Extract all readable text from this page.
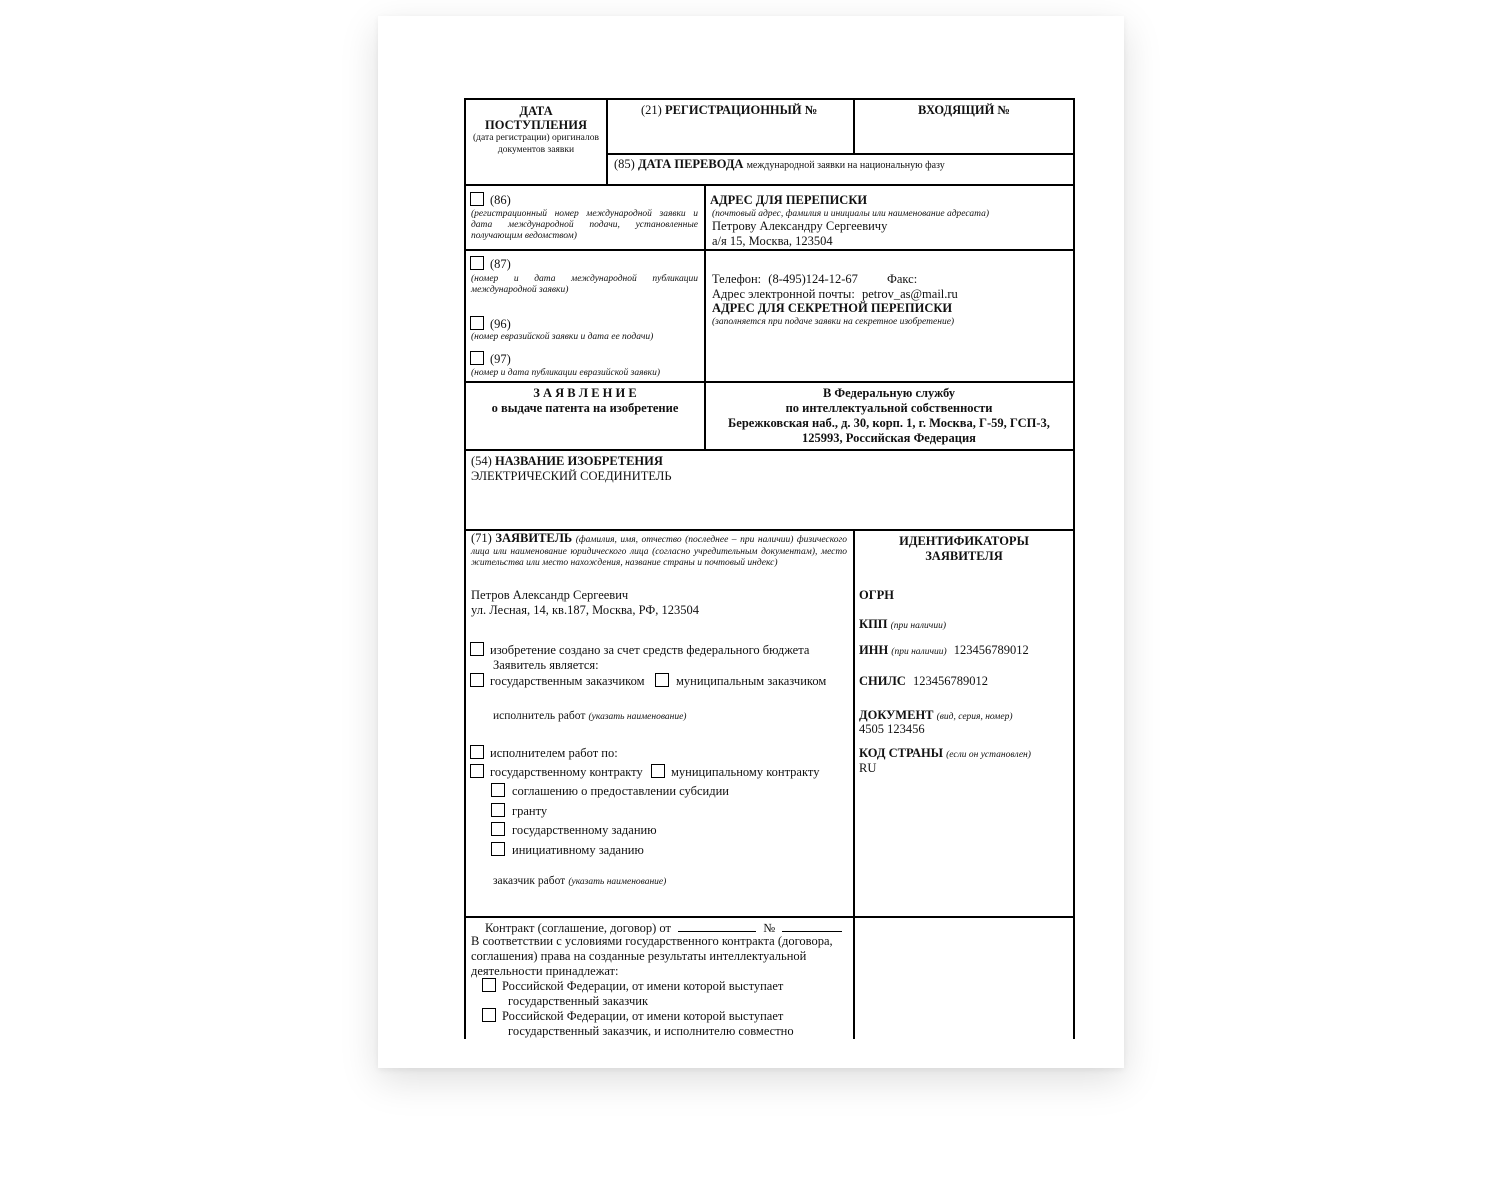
ДАТА ПОСТУПЛЕНИЯ
(дата регистрации) оригиналов документов заявки
(21) РЕГИСТРАЦИОННЫЙ №	ВХОДЯЩИЙ №
(85) ДАТА ПЕРЕВОДА международной заявки на национальную фазу
(86)
(регистрационный номер международной заявки и дата международной подачи, установленные получающим ведомством)
АДРЕС ДЛЯ ПЕРЕПИСКИ
(почтовый адрес, фамилия и инициалы или наименование адресата)
Петрову Александру Сергеевичу
а/я 15, Москва, 123504
Телефон: (8-495)124-12-67 Факс:
Адрес электронной почты: petrov_as@mail.ru
АДРЕС ДЛЯ СЕКРЕТНОЙ ПЕРЕПИСКИ
(заполняется при подаче заявки на секретное изобретение)
(87)
(номер и дата международной публикации международной заявки)
(96)
(номер евразийской заявки и дата ее подачи)
(97)
(номер и дата публикации евразийской заявки)
З А Я В Л Е Н И Е
о выдаче патента на изобретение
В Федеральную службу
по интеллектуальной собственности
Бережковская наб., д. 30, корп. 1, г. Москва, Г-59, ГСП-3,
125993, Российская Федерация
(54) НАЗВАНИЕ ИЗОБРЕТЕНИЯ
ЭЛЕКТРИЧЕСКИЙ СОЕДИНИТЕЛЬ
(71) ЗАЯВИТЕЛЬ (фамилия, имя, отчество (последнее – при наличии) физического лица или наименование юридического лица (согласно учредительным документам), место жительства или место нахождения, название страны и почтовый индекс)
Петров Александр Сергеевич
ул. Лесная, 14, кв.187, Москва, РФ, 123504
изобретение создано за счет средств федерального бюджета
Заявитель является:
государственным заказчиком	муниципальным заказчиком
исполнитель работ (указать наименование)
исполнителем работ по:
государственному контракту муниципальному контракту
соглашению о предоставлении субсидии
гранту
государственному заданию
инициативному заданию
заказчик работ (указать наименование)
ИДЕНТИФИКАТОРЫ ЗАЯВИТЕЛЯ
ОГРН
КПП (при наличии)
ИНН (при наличии) 123456789012
СНИЛС 123456789012
ДОКУМЕНТ (вид, серия, номер)
4505 123456
КОД СТРАНЫ (если он установлен)
RU
Контракт (соглашение, договор) от	№
В соответствии с условиями государственного контракта (договора,
соглашения) права на созданные результаты интеллектуальной
деятельности принадлежат:
Российской Федерации, от имени которой выступает
государственный заказчик
Российской Федерации, от имени которой выступает
государственный заказчик, и исполнителю совместно
